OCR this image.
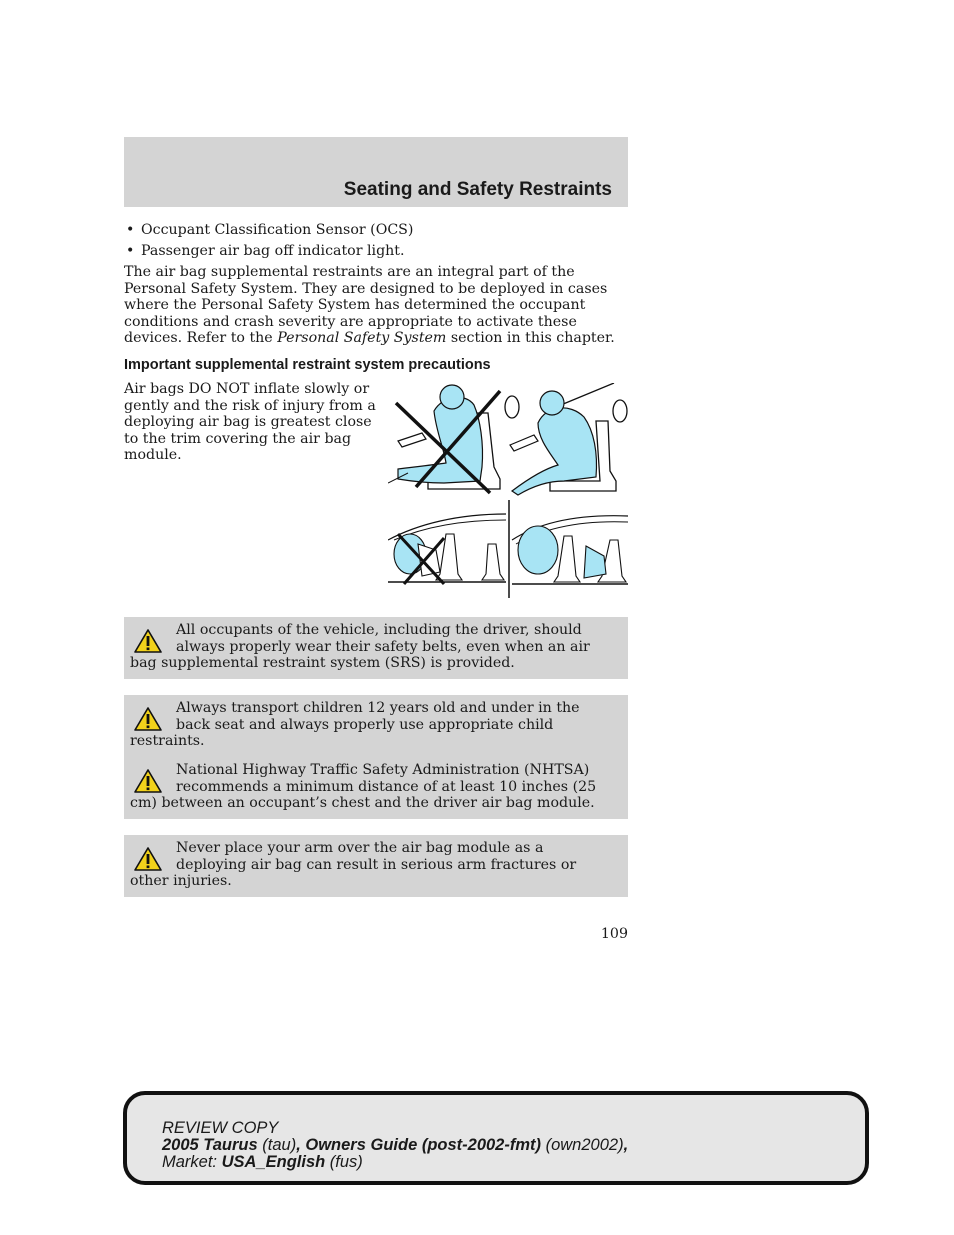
Seating and Safety Restraints
• Occupant Classification Sensor (OCS)
• Passenger air bag off indicator light.

The air bag supplemental restraints are an integral part of the Personal Safety System. They are designed to be deployed in cases where the Personal Safety System has determined the occupant conditions and crash severity are appropriate to activate these devices. Refer to the Personal Safety System section in this chapter.

Important supplemental restraint system precautions

Air bags DO NOT inflate slowly or gently and the risk of injury from a deploying air bag is greatest close to the trim covering the air bag module.

All occupants of the vehicle, including the driver, should always properly wear their safety belts, even when an air bag supplemental restraint system (SRS) is provided.

Always transport children 12 years old and under in the back seat and always properly use appropriate child restraints.

National Highway Traffic Safety Administration (NHTSA) recommends a minimum distance of at least 10 inches (25 cm) between an occupant’s chest and the driver air bag module.

Never place your arm over the air bag module as a deploying air bag can result in serious arm fractures or other injuries.

109

REVIEW COPY
2005 Taurus (tau), Owners Guide (post-2002-fmt) (own2002),
Market: USA_English (fus)
